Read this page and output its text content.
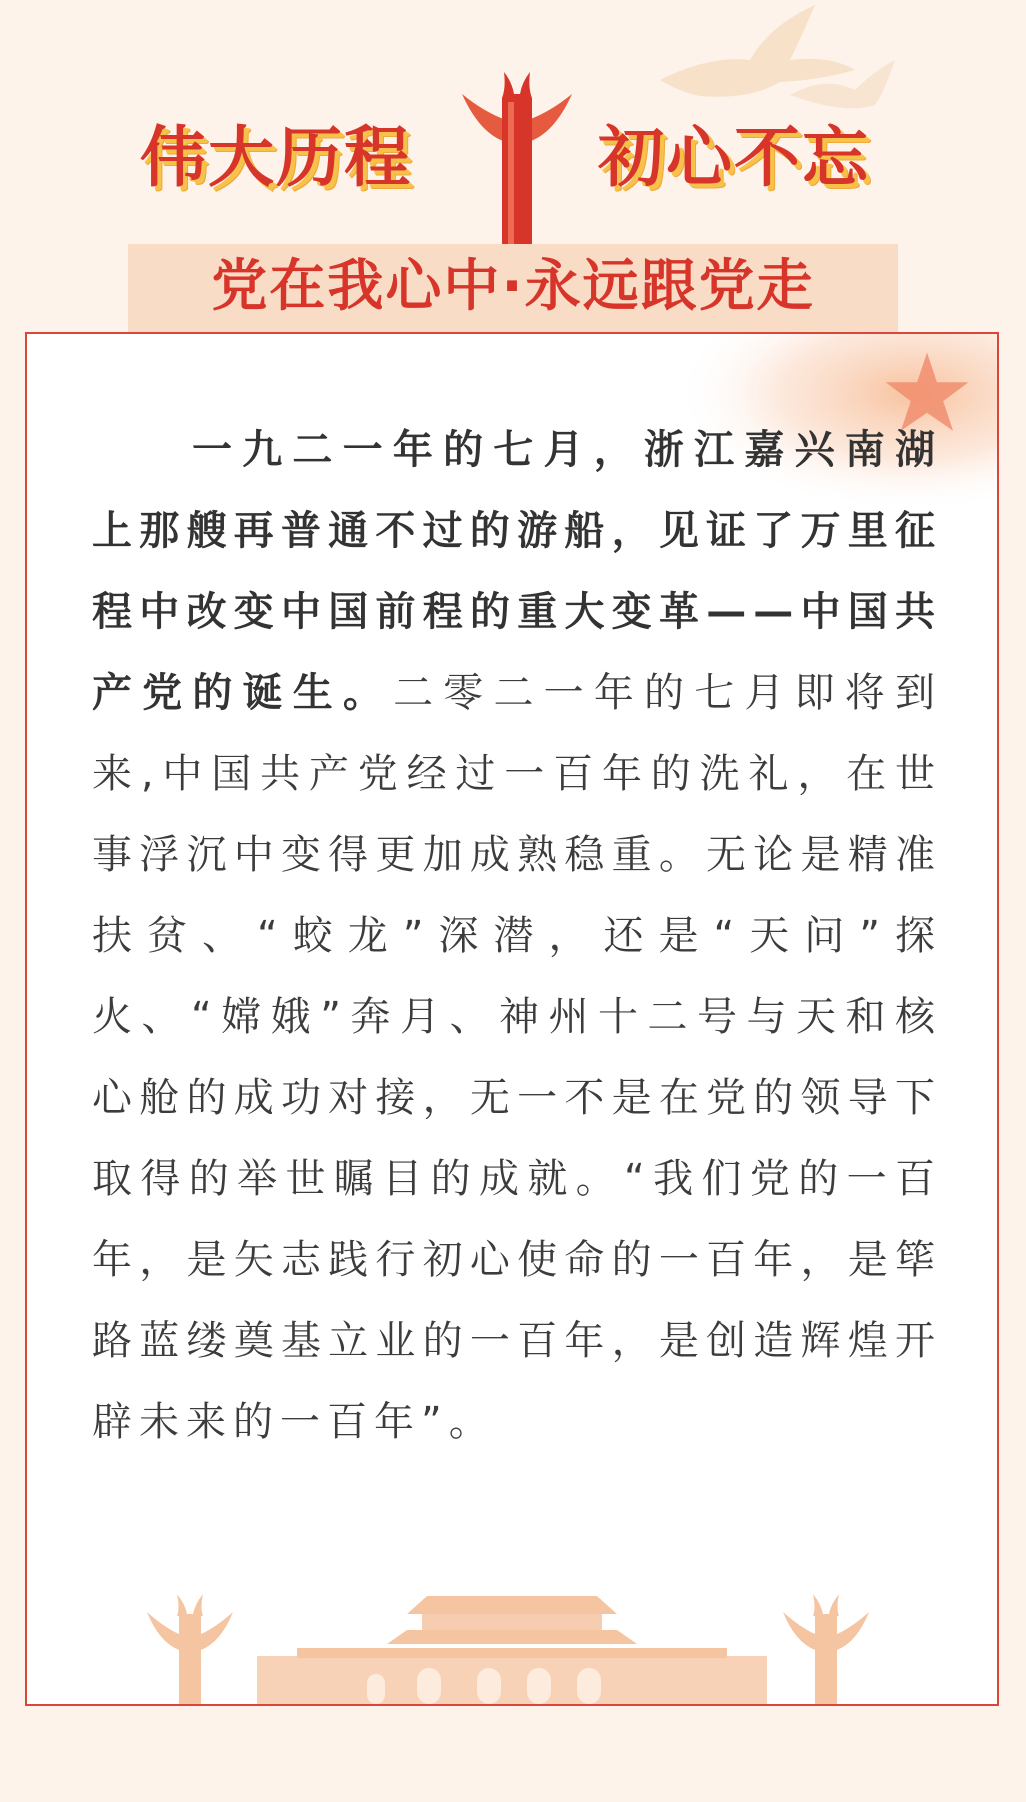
伟大历程	初心不忘
党在我心中·永远跟党走

一九二一年的七月，浙江嘉兴南湖上那艘再普通不过的游船，见证了万里征程中改变中国前程的重大变革——中国共产党的诞生。二零二一年的七月即将到来,中国共产党经过一百年的洗礼，在世事浮沉中变得更加成熟稳重。无论是精准扶贫、“蛟龙”深潜，还是“天问”探火、“嫦娥”奔月、神州十二号与天和核心舱的成功对接，无一不是在党的领导下取得的举世瞩目的成就。“我们党的一百年，是矢志践行初心使命的一百年，是筚路蓝缕奠基立业的一百年，是创造辉煌开辟未来的一百年”。
